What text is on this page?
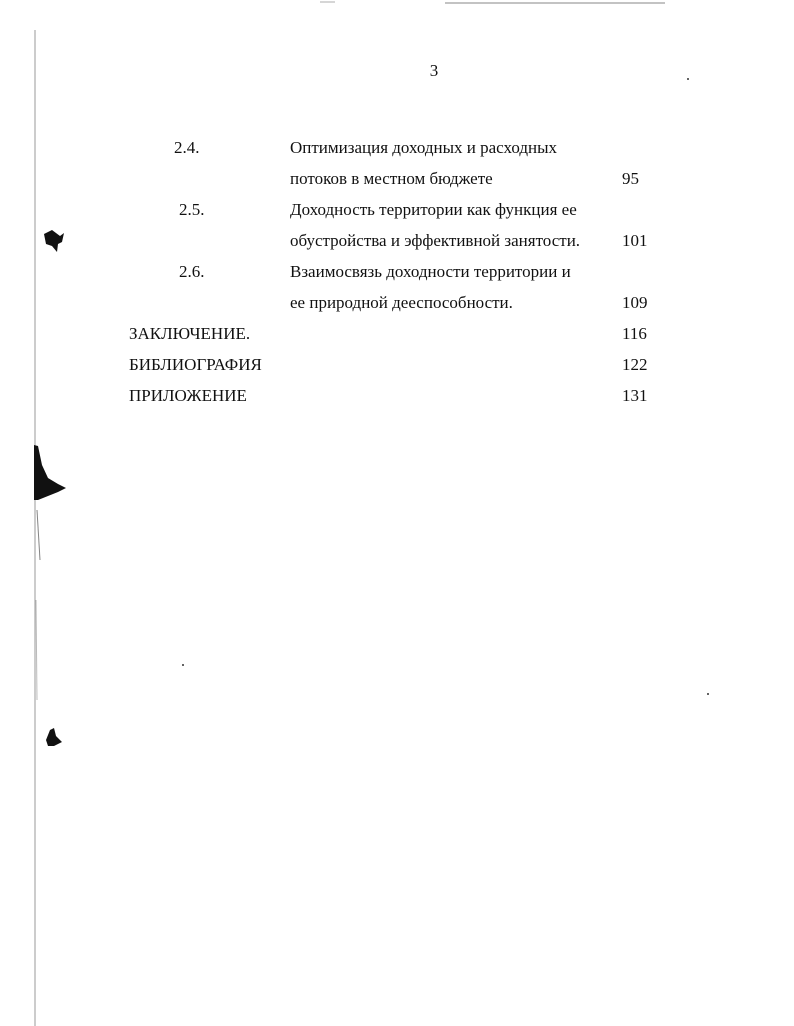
3
2.4.	Оптимизация доходных и расходных
потоков в местном бюджете	95
2.5.	Доходность территории как функция ее
обустройства и эффективной занятости. 101
2.6.	Взаимосвязь доходности территории и
ее природной дееспособности.	109
ЗАКЛЮЧЕНИЕ.	116
БИБЛИОГРАФИЯ	122
ПРИЛОЖЕНИЕ	131
